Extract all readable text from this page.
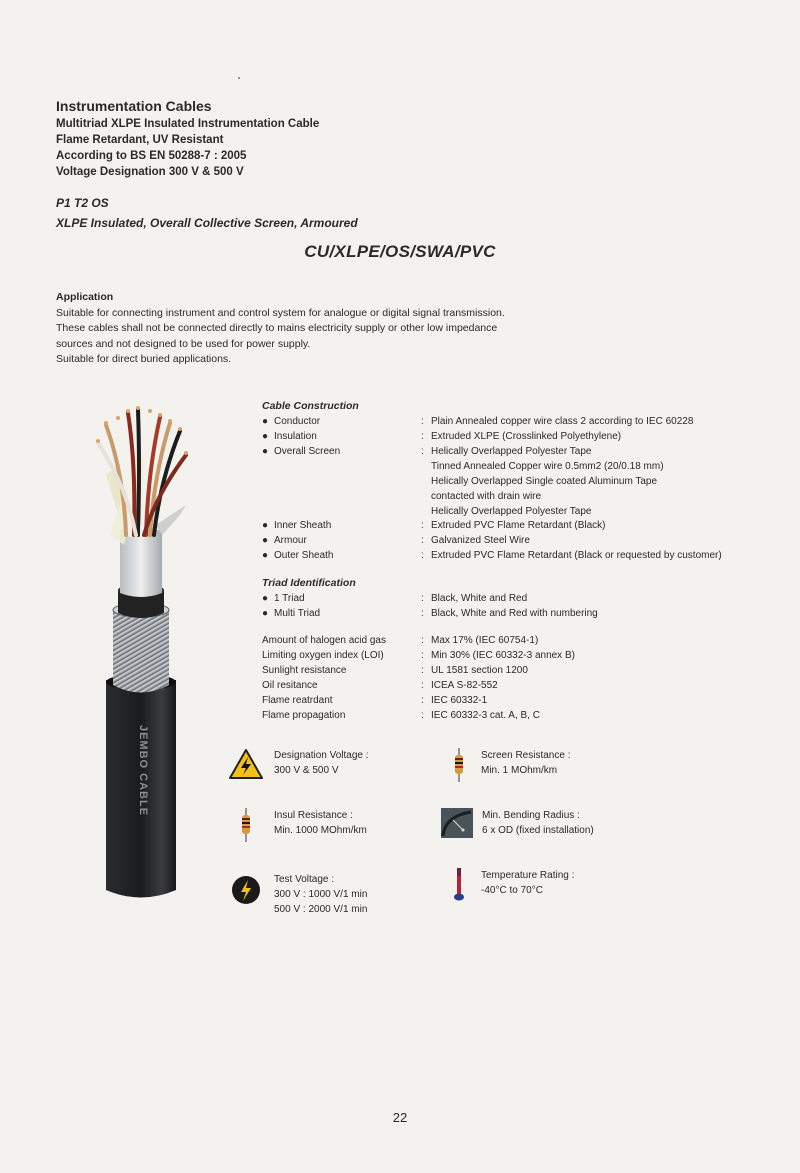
Instrumentation Cables
Multitriad XLPE Insulated Instrumentation Cable
Flame Retardant, UV Resistant
According to BS EN 50288-7 : 2005
Voltage Designation 300 V & 500 V
P1 T2 OS
XLPE Insulated, Overall Collective Screen, Armoured
CU/XLPE/OS/SWA/PVC
Application
Suitable for connecting instrument and control system for analogue or digital signal transmission.
These cables shall not be connected directly to mains electricity supply or other low impedance
sources and not designed to be used for power supply.
Suitable for direct buried applications.
JEMBO CABLE
Cable Construction
● Conductor	: Plain Annealed copper wire class 2 according to IEC 60228
● Insulation	: Extruded XLPE (Crosslinked Polyethylene)
● Overall Screen	: Helically Overlapped Polyester Tape
Tinned Annealed Copper wire 0.5mm2 (20/0.18 mm)
Helically Overlapped Single coated Aluminum Tape
contacted with drain wire
Helically Overlapped Polyester Tape
● Inner Sheath	: Extruded PVC Flame Retardant (Black)
● Armour	: Galvanized Steel Wire
● Outer Sheath	: Extruded PVC Flame Retardant (Black or requested by customer)
Triad Identification
● 1 Triad	: Black, White and Red
● Multi Triad	: Black, White and Red with numbering
Amount of halogen acid gas	: Max 17% (IEC 60754-1)
Limiting oxygen index (LOI)	: Min 30% (IEC 60332-3 annex B)
Sunlight resistance	: UL 1581 section 1200
Oil resitance	: ICEA S-82-552
Flame reatrdant	: IEC 60332-1
Flame propagation	: IEC 60332-3 cat. A, B, C
Designation Voltage :
300 V & 500 V
Screen Resistance :
Min. 1 MOhm/km
Insul Resistance :
Min. 1000 MOhm/km
Min. Bending Radius :
6 x OD (fixed installation)
Test Voltage :
300 V : 1000 V/1 min
500 V : 2000 V/1 min
Temperature Rating :
-40°C to 70°C
22
